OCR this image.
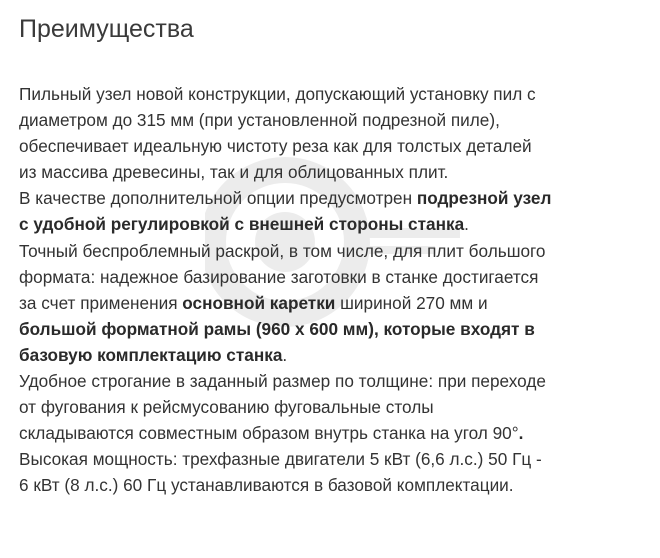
Преимущества
Пильный узел новой конструкции, допускающий установку пил с
диаметром до 315 мм (при установленной подрезной пиле),
обеспечивает идеальную чистоту реза как для толстых деталей
из массива древесины, так и для облицованных плит.
В качестве дополнительной опции предусмотрен подрезной узел
с удобной регулировкой с внешней стороны станка.
Точный беспроблемный раскрой, в том числе, для плит большого
формата: надежное базирование заготовки в станке достигается
за счет применения основной каретки шириной 270 мм и
большой форматной рамы (960 х 600 мм), которые входят в
базовую комплектацию станка.
Удобное строгание в заданный размер по толщине: при переходе
от фугования к рейсмусованию фуговальные столы
складываются совместным образом внутрь станка на угол 90°.
Высокая мощность: трехфазные двигатели 5 кВт (6,6 л.с.) 50 Гц -
6 кВт (8 л.с.) 60 Гц устанавливаются в базовой комплектации.
